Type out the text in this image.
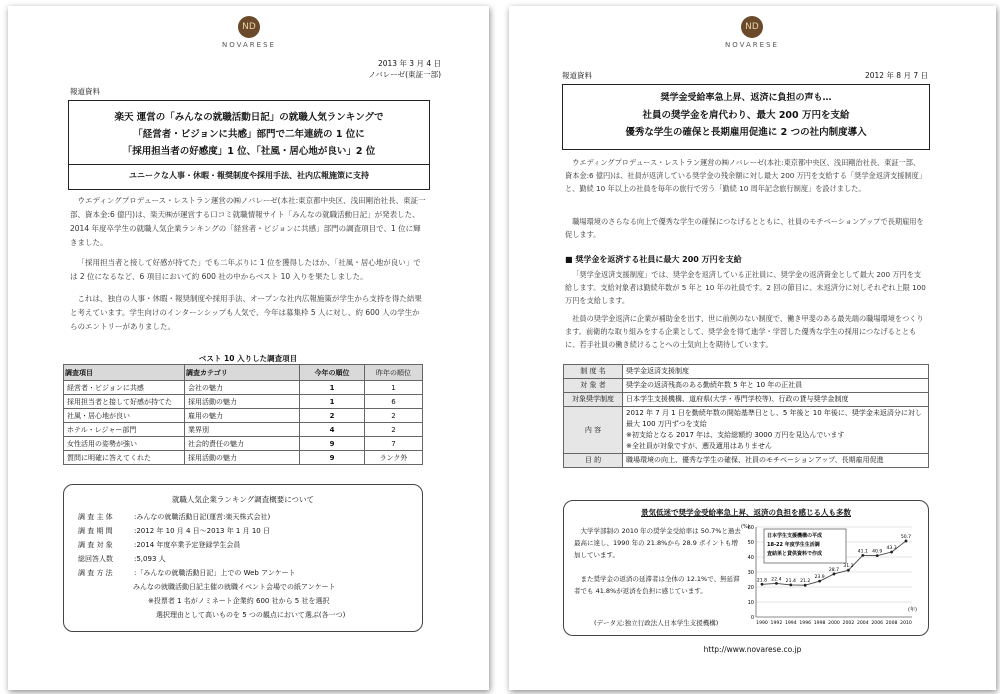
ND
NOVARESE
2013 年 3 月 4 日
ノバレーゼ(東証一部)
報道資料
楽天 運営の「みんなの就職活動日記」の就職人気ランキングで
「経営者・ビジョンに共感」部門で二年連続の 1 位に
「採用担当者の好感度」1 位、「社風・居心地が良い」2 位
ユニークな人事・休暇・報奨制度や採用手法、社内広報施策に支持
ウエディングプロデュース・レストラン運営の㈱ノバレーゼ(本社:東京都中央区、浅田剛治社長、東証一部、資本金:6 億円)は、楽天㈱が運営する口コミ就職情報サイト「みんなの就職活動日記」が発表した、2014 年度卒学生の就職人気企業ランキングの「経営者・ビジョンに共感」部門の調査項目で、1 位に輝きました。
「採用担当者と接して好感が持てた」でも二年ぶりに 1 位を獲得したほか、「社風・居心地が良い」では 2 位になるなど、6 項目において約 600 社の中からベスト 10 入りを果たしました。
これは、独自の人事・休暇・報奨制度や採用手法、オープンな社内広報施策が学生から支持を得た結果と考えています。学生向けのインターンシップも人気で、今年は募集枠 5 人に対し、約 600 人の学生からのエントリーがありました。
ベスト 10 入りした調査項目
調査項目	調査カテゴリ	今年の順位	昨年の順位
経営者・ビジョンに共感	会社の魅力	1	1
採用担当者と接して好感が持てた	採用活動の魅力	1	6
社風・居心地が良い	雇用の魅力	2	2
ホテル・レジャー部門	業界別	4	2
女性活用の姿勢が強い	社会的責任の魅力	9	7
質問に明確に答えてくれた	採用活動の魅力	9	ランク外
就職人気企業ランキング調査概要について
調 査 主 体	:みんなの就職活動日記(運営:楽天株式会社)
調 査 期 間	:2012 年 10 月 4 日～2013 年 1 月 10 日
調 査 対 象	:2014 年度卒業予定登録学生会員
総回答人数	:5,093 人
調 査 方 法	:「みんなの就職活動日記」上での Web アンケート
みんなの就職活動日記主催の就職イベント会場での紙アンケート
※投票者 1 名がノミネート企業約 600 社から 5 社を選択
選択理由として高いものを 5 つの観点において選ぶ(各一つ)
ND
NOVARESE
報道資料	2012 年 8 月 7 日
奨学金受給率急上昇、返済に負担の声も…
社員の奨学金を肩代わり、最大 200 万円を支給
優秀な学生の確保と長期雇用促進に 2 つの社内制度導入
ウエディングプロデュース・レストラン運営の㈱ノバレーゼ(本社:東京都中央区、浅田剛治社長、東証一部、資本金:6 億円)は、社員が返済している奨学金の残余額に対し最大 200 万円を支給する「奨学金返済支援制度」と、勤続 10 年以上の社員を毎年の旅行で労う「勤続 10 周年記念旅行制度」を設けました。
職場環境のさらなる向上で優秀な学生の確保につなげるとともに、社員のモチベーションアップで長期雇用を促します。
■ 奨学金を返済する社員に最大 200 万円を支給
「奨学金返済支援制度」では、奨学金を返済している正社員に、奨学金の返済資金として最大 200 万円を支給します。支給対象者は勤続年数が 5 年と 10 年の社員です。2 回の節目に、未返済分に対しそれぞれ上限 100 万円を支給します。
社員の奨学金返済に企業が補助金を出す、世に前例のない制度で、働き甲斐のある最先端の職場環境をつくります。前衛的な取り組みをする企業として、奨学金を得て進学・学習した優秀な学生の採用につなげるとともに、若手社員の働き続けることへの士気向上を期待しています。
制 度 名	奨学金返済支援制度
対 象 者	奨学金の返済残高のある勤続年数 5 年と 10 年の正社員
対象奨学制度	日本学生支援機構、道府県(大学・専門学校等)、行政の貸与奨学金制度
内 容	2012 年 7 月 1 日を勤続年数の開始基準日とし、5 年後と 10 年後に、奨学金未返済分に対し最大 100 万円ずつを支給
※初支給となる 2017 年は、支給総額約 3000 万円を見込んでいます
※全社員が対象ですが、遡及適用はありません

目 的	職場環境の向上、優秀な学生の確保、社員のモチベーションアップ、長期雇用促進
景気低迷で奨学金受給率急上昇、返済の負担を感じる人も多数
大学学部制の 2010 年の奨学金受給率は 50.7%と過去最高に達し、1990 年の 21.8%から 28.9 ポイントも増加しています。
また奨学金の返済の延滞者は全体の 12.1%で、無延滞者でも 41.8%が返済を負担に感じています。
(データ元:独立行政法人日本学生支援機構)
0
10
20
30
40
50
60
1990 1992 1994 1996 1998 2000 2002 2004 2006 2008 2010
21.8 22.4 21.4 21.2
23.9
28.7
31.2
41.1 40.9
43.3
50.7
日本学生支援機構の平成
18-22 年度学生生活調
査結果と貸供資料で作成
(%)
(年)
http://www.novarese.co.jp
